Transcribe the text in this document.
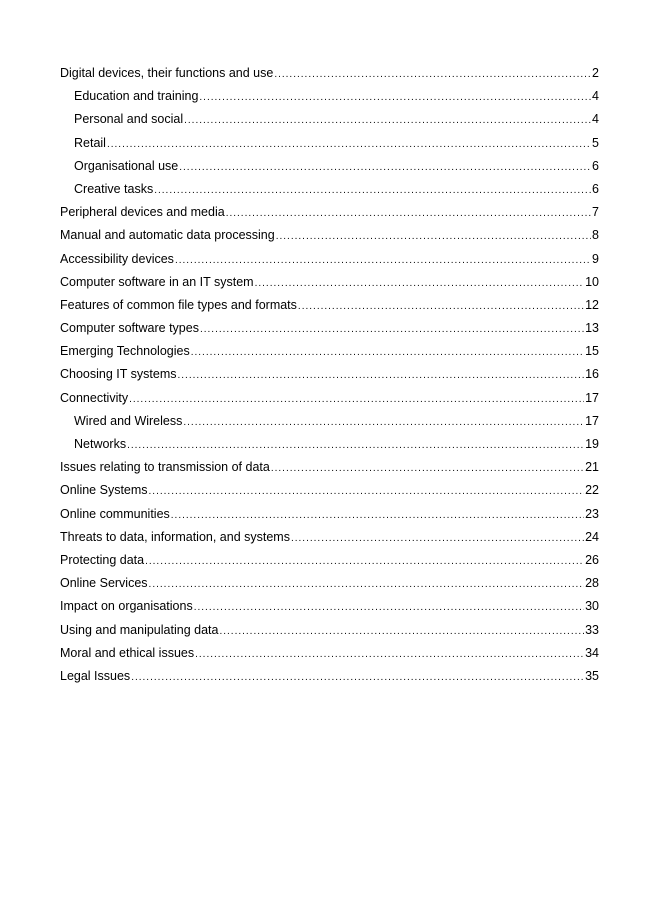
Digital devices, their functions and use .....	2
Education and training .....	4
Personal and social .....	4
Retail .....	5
Organisational use .....	6
Creative tasks .....	6
Peripheral devices and media .....	7
Manual and automatic data processing .....	8
Accessibility devices .....	9
Computer software in an IT system .....	10
Features of common file types and formats .....	12
Computer software types .....	13
Emerging Technologies .....	15
Choosing IT systems .....	16
Connectivity .....	17
Wired and Wireless .....	17
Networks .....	19
Issues relating to transmission of data .....	21
Online Systems .....	22
Online communities .....	23
Threats to data, information, and systems .....	24
Protecting data .....	26
Online Services .....	28
Impact on organisations .....	30
Using and manipulating data .....	33
Moral and ethical issues .....	34
Legal Issues .....	35
